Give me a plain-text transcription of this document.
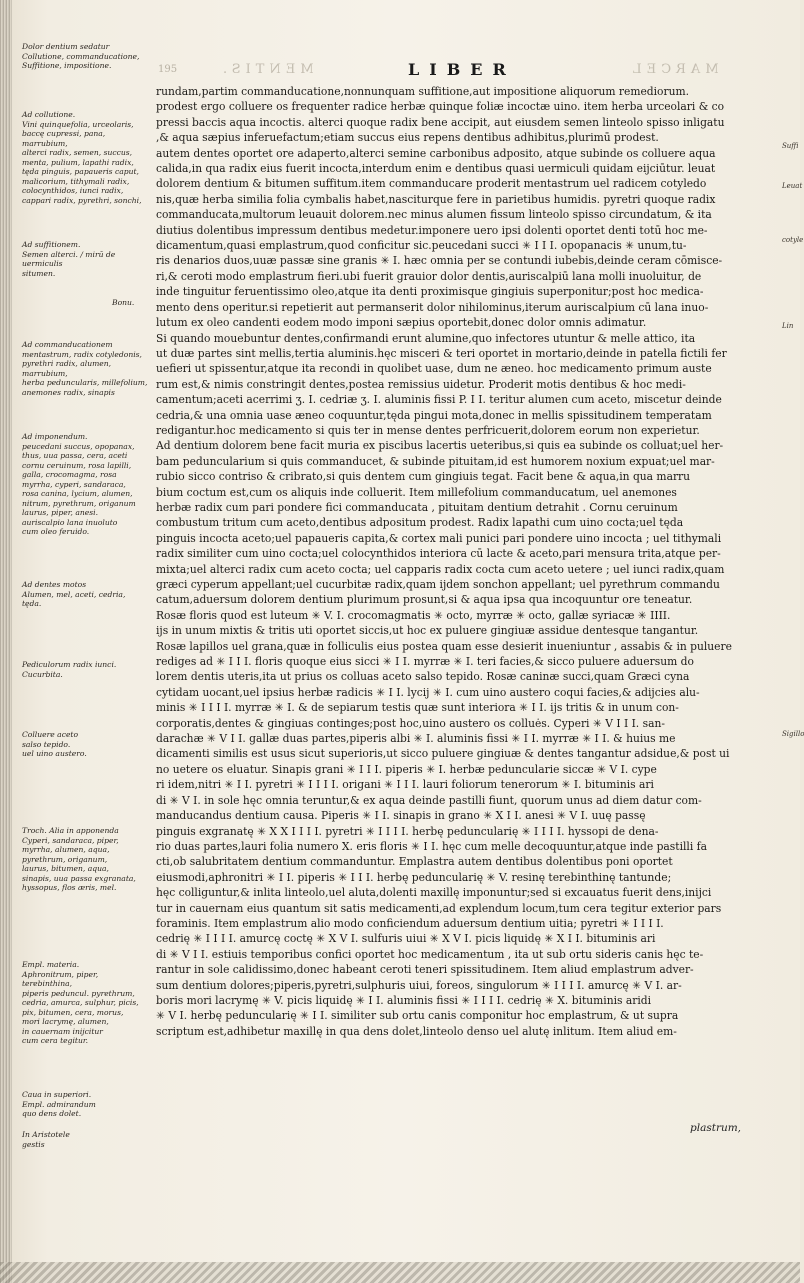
195	MENTIS.	LIBER	MARCEL
Dolor dentium sedatur
Collutione, commanducatione,
Suffitione, impositione.
Ad collutione.
Vini quinquefolia, urceolaris,
baccę cupressi, pana, marrubium,
alterci radix, semen, succus,
menta, pulium, lapathi radix,
tęda pinguis, papaueris caput,
malicorium, tithymali radix,
colocynthidos, iunci radix,
cappari radix, pyrethri, sonchi,
Ad suffitionem.
Semen alterci. / mirū de uermiculis
situmen.
Bonu.
Ad commanducationem
mentastrum, radix cotyledonis,
pyrethri radix, alumen, marrubium,
herba peduncularis, millefolium,
anemones radix, sinapis
Ad imponendum.
peucedani succus, opopanax,
thus, uua passa, cera, aceti
cornu ceruinum, rosa lapilli,
galla, crocomagma, rosa
myrrha, cyperi, sandaraca,
rosa canina, lycium, alumen,
nitrum, pyrethrum, origanum
laurus, piper, anesi.
auriscalpio lana inuoluto
cum oleo feruido.
Ad dentes motos
Alumen, mel, aceti, cedria,
tęda.
Pediculorum radix iunci.
Cucurbita.
Colluere aceto
salso tepido.
uel uino austero.
Troch. Alia in apponenda
Cyperi, sandaraca, piper,
myrrha, alumen, aqua,
pyrethrum, origanum,
laurus, bitumen, aqua,
sinapis, uua passa exgranata,
hyssopus, flos æris, mel.
Empl. materia.
Aphronitrum, piper, terebinthina,
piperis peduncul. pyrethrum,
cedria, amurca, sulphur, picis,
pix, bitumen, cera, morus,
mori lacrymę, alumen,
in cauernam inijcitur
cum cera tegitur.
Caua in superiori.
Empl. admirandum
quo dens dolet.
In Aristotele
gestis
rundam,partim commanducatione,nonnunquam suffitione,aut impositione aliquorum remediorum.
prodest ergo colluere os frequenter radice herbæ quinque foliæ incoctæ uino. item herba urceolari & co
pressi baccis aqua incoctis. alterci quoque radix bene accipit, aut eiusdem semen linteolo spisso inligatu
,& aqua sæpius inferuefactum;etiam succus eius repens dentibus adhibitus,plurimū prodest.
autem dentes oportet ore adaperto,alterci semine carbonibus adposito, atque subinde os colluere aqua
calida,in qua radix eius fuerit incocta,interdum enim e dentibus quasi uermiculi quidam eijciūtur. leuat
dolorem dentium & bitumen suffitum.item commanducare proderit mentastrum uel radicem cotyledo
nis,quæ herba similia folia cymbalis habet,nasciturque fere in parietibus humidis. pyretri quoque radix
commanducata,multorum leuauit dolorem.nec minus alumen fissum linteolo spisso circundatum, & ita
diutius dolentibus impressum dentibus medetur.imponere uero ipsi dolenti oportet denti totū hoc me-
dicamentum,quasi emplastrum,quod conficitur sic.peucedani succi ✳ I I I. opopanacis ✳ unum,tu-
ris denarios duos,uuæ passæ sine granis ✳ I. hæc omnia per se contundi iubebis,deinde ceram cōmisce-
ri,& ceroti modo emplastrum fieri.ubi fuerit grauior dolor dentis,auriscalpiū lana molli inuoluitur, de
inde tinguitur feruentissimo oleo,atque ita denti proximisque gingiuis superponitur;post hoc medica-
mento dens operitur.si repetierit aut permanserit dolor nihilominus,iterum auriscalpium cū lana inuo-
lutum ex oleo candenti eodem modo imponi sæpius oportebit,donec dolor omnis adimatur.
Si quando mouebuntur dentes,confirmandi erunt alumine,quo infectores utuntur & melle attico, ita
ut duæ partes sint mellis,tertia aluminis.hęc misceri & teri oportet in mortario,deinde in patella fictili fer
uefieri ut spissentur,atque ita recondi in quolibet uase, dum ne æneo. hoc medicamento primum auste
rum est,& nimis constringit dentes,postea remissius uidetur. Proderit motis dentibus & hoc medi-
camentum;aceti acerrimi ʒ. I. cedriæ ʒ. I. aluminis fissi P. I I. teritur alumen cum aceto, miscetur deinde
cedria,& una omnia uase æneo coquuntur,tęda pingui mota,donec in mellis spissitudinem temperatam
redigantur.hoc medicamento si quis ter in mense dentes perfricuerit,dolorem eorum non experietur.
Ad dentium dolorem bene facit muria ex piscibus lacertis ueteribus,si quis ea subinde os colluat;uel her-
bam peduncularium si quis commanducet, & subinde pituitam,id est humorem noxium expuat;uel mar-
rubio sicco contriso & cribrato,si quis dentem cum gingiuis tegat. Facit bene & aqua,in qua marru
bium coctum est,cum os aliquis inde colluerit. Item millefolium commanducatum, uel anemones
herbæ radix cum pari pondere fici commanducata , pituitam dentium detrahit . Cornu ceruinum
combustum tritum cum aceto,dentibus adpositum prodest. Radix lapathi cum uino cocta;uel tęda
pinguis incocta aceto;uel papaueris capita,& cortex mali punici pari pondere uino incocta ; uel tithymali
radix similiter cum uino cocta;uel colocynthidos interiora cū lacte & aceto,pari mensura trita,atque per-
mixta;uel alterci radix cum aceto cocta; uel capparis radix cocta cum aceto uetere ; uel iunci radix,quam
græci cyperum appellant;uel cucurbitæ radix,quam ijdem sonchon appellant; uel pyrethrum commandu
catum,aduersum dolorem dentium plurimum prosunt,si & aqua ipsa qua incoquuntur ore teneatur.
Rosæ floris quod est luteum ✳ V. I. crocomagmatis ✳ octo, myrræ ✳ octo, gallæ syriacæ ✳ IIII.
ijs in unum mixtis & tritis uti oportet siccis,ut hoc ex puluere gingiuæ assidue dentesque tangantur.
Rosæ lapillos uel grana,quæ in folliculis eius postea quam esse desierit inueniuntur , assabis & in puluere
rediges ad ✳ I I I. floris quoque eius sicci ✳ I I. myrræ ✳ I. teri facies,& sicco puluere aduersum do
lorem dentis uteris,ita ut prius os colluas aceto salso tepido. Rosæ caninæ succi,quam Græci cyna
cytidam uocant,uel ipsius herbæ radicis ✳ I I. lycij ✳ I. cum uino austero coqui facies,& adijcies alu-
minis ✳ I I I I. myrræ ✳ I. & de sepiarum testis quæ sunt interiora ✳ I I. ijs tritis & in unum con-
corporatis,dentes & gingiuas continges;post hoc,uino austero os colluės. Cyperi ✳ V I I I. san-
darachæ ✳ V I I. gallæ duas partes,piperis albi ✳ I. aluminis fissi ✳ I I. myrræ ✳ I I. & huius me
dicamenti similis est usus sicut superioris,ut sicco puluere gingiuæ & dentes tangantur adsidue,& post ui
no uetere os eluatur. Sinapis grani ✳ I I I. piperis ✳ I. herbæ peduncularie siccæ ✳ V I. cype
ri idem,nitri ✳ I I. pyretri ✳ I I I I. origani ✳ I I I. lauri foliorum tenerorum ✳ I. bituminis ari
di ✳ V I. in sole hęc omnia teruntur,& ex aqua deinde pastilli fiunt, quorum unus ad diem datur com-
manducandus dentium causa. Piperis ✳ I I. sinapis in grano ✳ X I I. anesi ✳ V I. uuę passę
pinguis exgranatę ✳ X X I I I I. pyretri ✳ I I I I. herbę peduncularię ✳ I I I I. hyssopi de dena-
rio duas partes,lauri folia numero X. eris floris ✳ I I. hęc cum melle decoquuntur,atque inde pastilli fa
cti,ob salubritatem dentium commanduntur. Emplastra autem dentibus dolentibus poni oportet
eiusmodi,aphronitri ✳ I I. piperis ✳ I I I. herbę peduncularię ✳ V. resinę terebinthinę tantunde;
hęc colliguntur,& inlita linteolo,uel aluta,dolenti maxillę imponuntur;sed si excauatus fuerit dens,inijci
tur in cauernam eius quantum sit satis medicamenti,ad explendum locum,tum cera tegitur exterior pars
foraminis. Item emplastrum alio modo conficiendum aduersum dentium uitia; pyretri ✳ I I I I.
cedrię ✳ I I I I. amurcę coctę ✳ X V I. sulfuris uiui ✳ X V I. picis liquidę ✳ X I I. bituminis ari
di ✳ V I I. estiuis temporibus confici oportet hoc medicamentum , ita ut sub ortu sideris canis hęc te-
rantur in sole calidissimo,donec habeant ceroti teneri spissitudinem. Item aliud emplastrum adver-
sum dentium dolores;piperis,pyretri,sulphuris uiui, foreos, singulorum ✳ I I I I. amurcę ✳ V I. ar-
boris mori lacrymę ✳ V. picis liquidę ✳ I I. aluminis fissi ✳ I I I I. cedrię ✳ X. bituminis aridi
✳ V I. herbę peduncularię ✳ I I. similiter sub ortu canis componitur hoc emplastrum, & ut supra
scriptum est,adhibetur maxillę in qua dens dolet,linteolo denso uel alutę inlitum. Item aliud em-
Suffi
Leuat
cotyle
Lin
Sigillo
plastrum,
